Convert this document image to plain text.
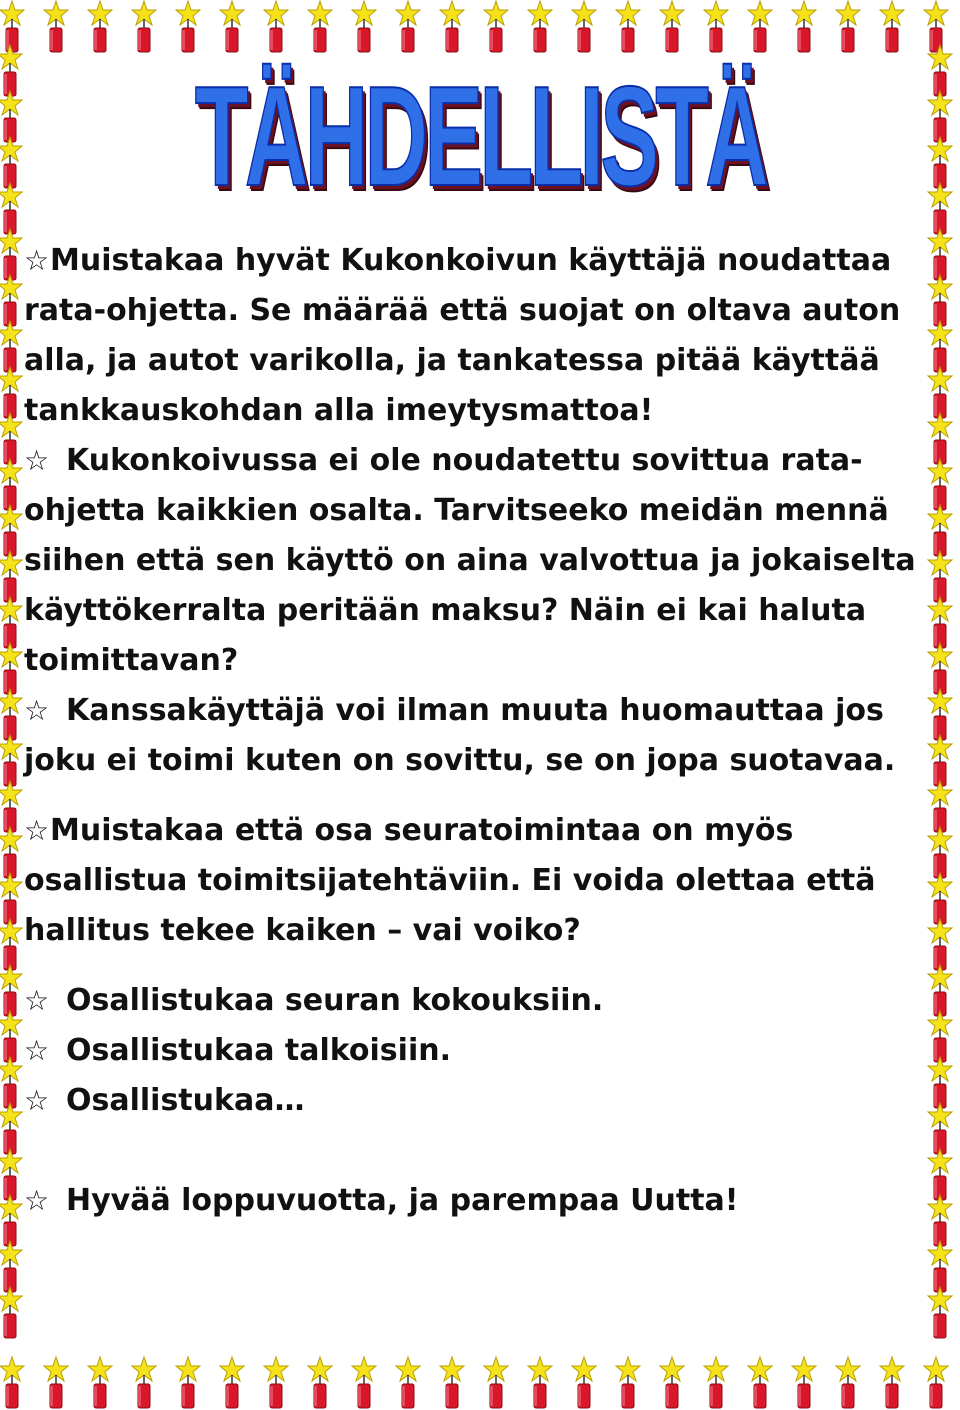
TÄHDELLISTÄ

☆Muistakaa hyvät Kukonkoivun käyttäjä noudattaa rata-ohjetta. Se määrää että suojat on oltava auton alla, ja autot varikolla, ja tankatessa pitää käyttää tankkauskohdan alla imeytysmattoa!

☆ Kukonkoivussa ei ole noudatettu sovittua rata-ohjetta kaikkien osalta. Tarvitseeko meidän mennä siihen että sen käyttö on aina valvottua ja jokaiselta käyttökerralta peritään maksu? Näin ei kai haluta toimittavan?

☆ Kanssakäyttäjä voi ilman muuta huomauttaa jos joku ei toimi kuten on sovittu, se on jopa suotavaa.

☆Muistakaa että osa seuratoimintaa on myös osallistua toimitsijatehtäviin. Ei voida olettaa että hallitus tekee kaiken – vai voiko?

☆ Osallistukaa seuran kokouksiin.

☆ Osallistukaa talkoisiin.

☆ Osallistukaa…

☆ Hyvää loppuvuotta, ja parempaa Uutta!
